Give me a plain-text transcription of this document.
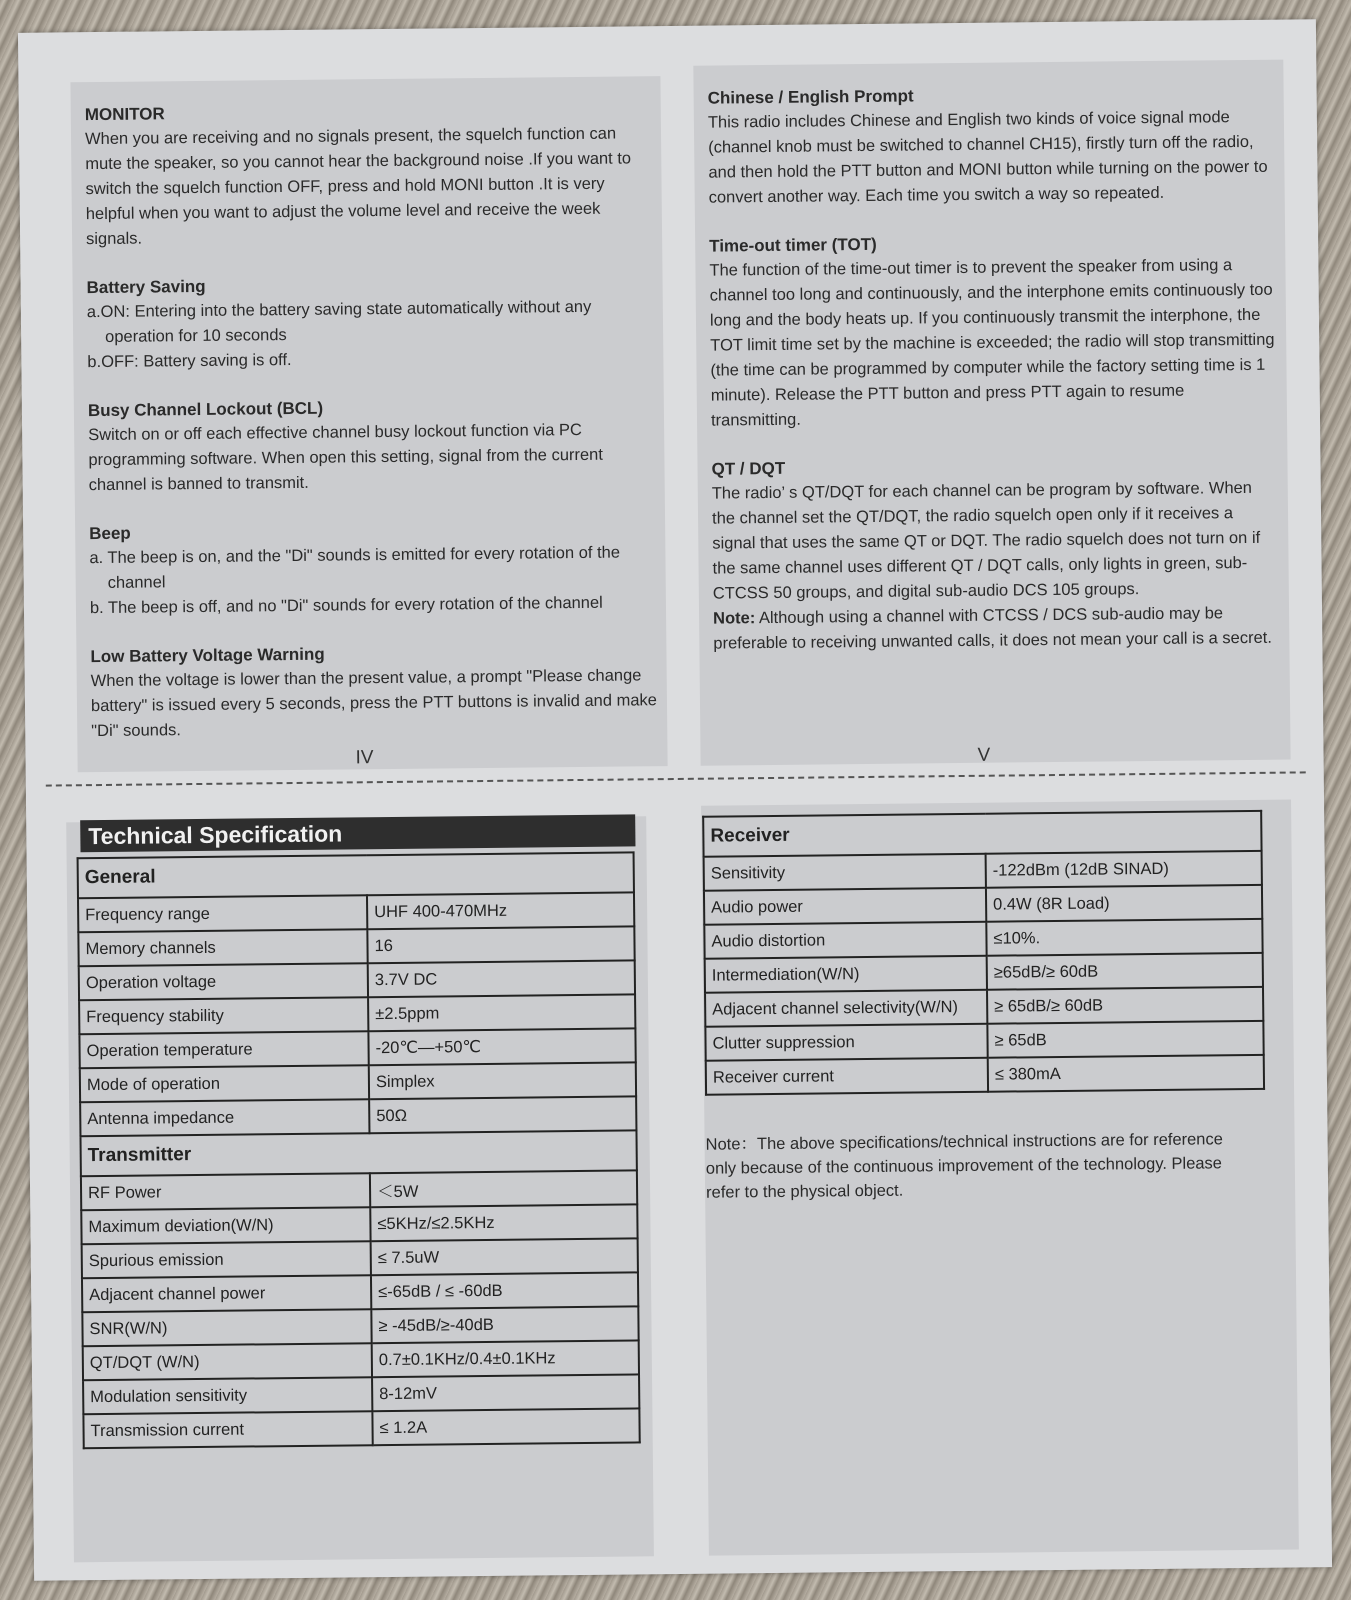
MONITOR

When you are receiving and no signals present, the squelch function can mute the speaker, so you cannot hear the background noise .If you want to switch the squelch function OFF, press and hold MONI button .It is very helpful when you want to adjust the volume level and receive the week signals.

Battery Saving

a.ON: Entering into the battery saving state automatically without any operation for 10 seconds

b.OFF: Battery saving is off.

Busy Channel Lockout (BCL)

Switch on or off each effective channel busy lockout function via PC programming software. When open this setting, signal from the current channel is banned to transmit.

Beep

a. The beep is on, and the "Di" sounds is emitted for every rotation of the channel

b. The beep is off, and no "Di" sounds for every rotation of the channel

Low Battery Voltage Warning

When the voltage is lower than the present value, a prompt "Please change battery" is issued every 5 seconds, press the PTT buttons is invalid and make "Di" sounds.

Chinese / English Prompt

This radio includes Chinese and English two kinds of voice signal mode (channel knob must be switched to channel CH15), firstly turn off the radio, and then hold the PTT button and MONI button while turning on the power to convert another way. Each time you switch a way so repeated.

Time-out timer (TOT)

The function of the time-out timer is to prevent the speaker from using a channel too long and continuously, and the interphone emits continuously too long and the body heats up. If you continuously transmit the interphone, the TOT limit time set by the machine is exceeded; the radio will stop transmitting (the time can be programmed by computer while the factory setting time is 1 minute). Release the PTT button and press PTT again to resume transmitting.

QT / DQT

The radio’ s QT/DQT for each channel can be program by software. When the channel set the QT/DQT, the radio squelch open only if it receives a signal that uses the same QT or DQT. The radio squelch does not turn on if the same channel uses different QT / DQT calls, only lights in green, sub-CTCSS 50 groups, and digital sub-audio DCS 105 groups.

Note: Although using a channel with CTCSS / DCS sub-audio may be preferable to receiving unwanted calls, it does not mean your call is a secret.

IV	V
Technical Specification
General	
Frequency range	UHF 400-470MHz
Memory channels	16
Operation voltage	3.7V DC
Frequency stability	±2.5ppm
Operation temperature	-20℃—+50℃
Mode of operation	Simplex
Antenna impedance	50Ω
Transmitter	
RF Power	＜5W
Maximum deviation(W/N)	≤5KHz/≤2.5KHz
Spurious emission	≤ 7.5uW
Adjacent channel power	≤-65dB / ≤ -60dB
SNR(W/N)	≥ -45dB/≥-40dB
QT/DQT (W/N)	0.7±0.1KHz/0.4±0.1KHz
Modulation sensitivity	8-12mV
Transmission current	≤ 1.2A
Receiver	
Sensitivity	-122dBm (12dB SINAD)
Audio power	0.4W (8R Load)
Audio distortion	≤10%.
Intermediation(W/N)	≥65dB/≥ 60dB
Adjacent channel selectivity(W/N)	≥ 65dB/≥ 60dB
Clutter suppression	≥ 65dB
Receiver current	≤ 380mA
Note：The above specifications/technical instructions are for reference only because of the continuous improvement of the technology. Please refer to the physical object.
